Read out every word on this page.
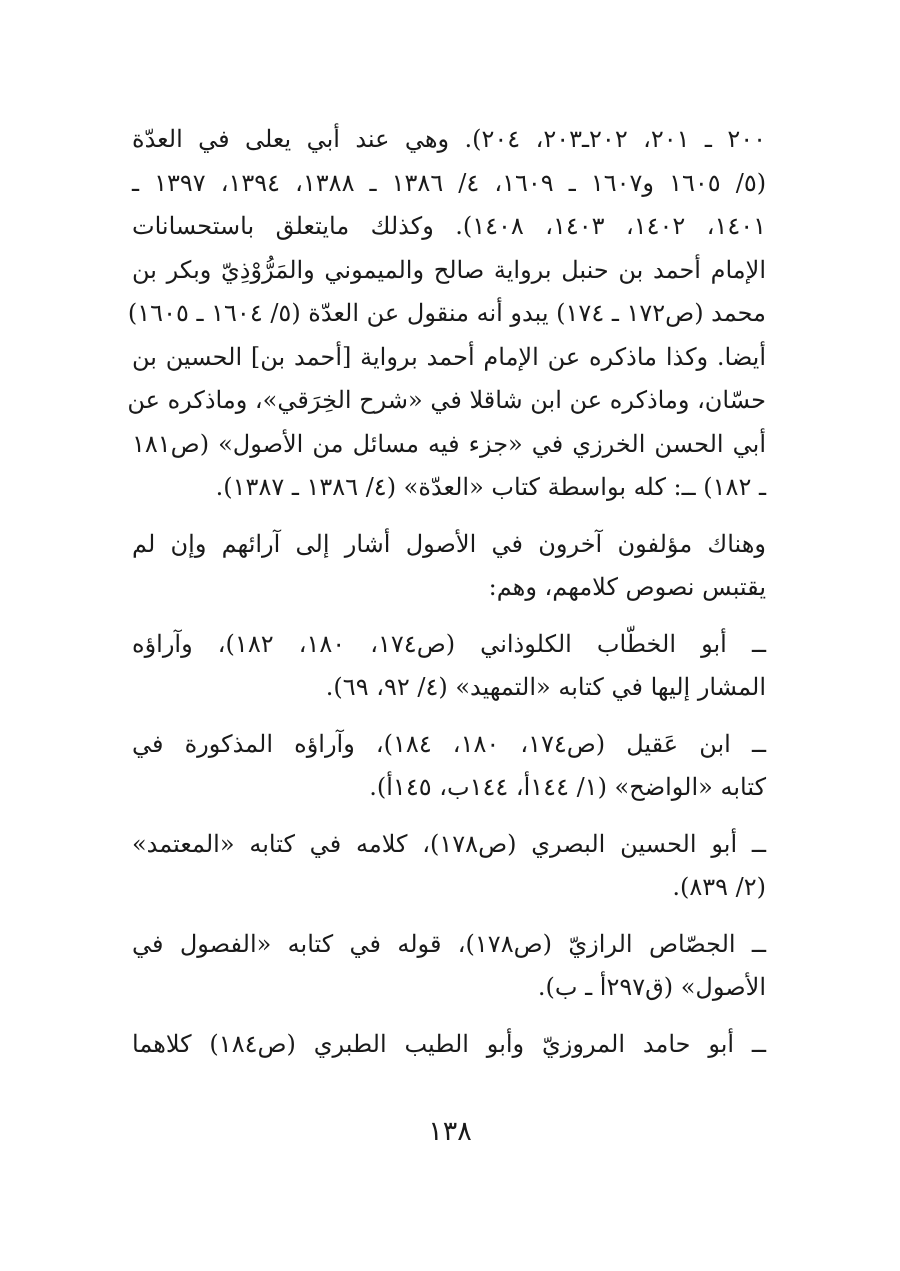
٢٠٠ ـ ٢٠١، ٢٠٢ـ٢٠٣، ٢٠٤). وهي عند أبي يعلى في العدّة
(٥/ ١٦٠٥ و١٦٠٧ ـ ١٦٠٩، ٤/ ١٣٨٦ ـ ١٣٨٨، ١٣٩٤، ١٣٩٧ ـ
١٤٠١، ١٤٠٢، ١٤٠٣، ١٤٠٨). وكذلك مايتعلق باستحسانات
الإمام أحمد بن حنبل برواية صالح والميموني والمَرُّوْذِيّ وبكر بن
محمد (ص١٧٢ ـ ١٧٤) يبدو أنه منقول عن العدّة (٥/ ١٦٠٤ ـ ١٦٠٥)
أيضا. وكذا ماذكره عن الإمام أحمد برواية [أحمد بن] الحسين بن
حسّان، وماذكره عن ابن شاقلا في «شرح الخِرَقي»، وماذكره عن
أبي الحسن الخرزي في «جزء فيه مسائل من الأصول» (ص١٨١
ـ ١٨٢) ــ: كله بواسطة كتاب «العدّة» (٤/ ١٣٨٦ ـ ١٣٨٧).
وهناك مؤلفون آخرون في الأصول أشار إلى آرائهم وإن لم
يقتبس نصوص كلامهم، وهم:
ــ أبو الخطّاب الكلوذاني (ص١٧٤، ١٨٠، ١٨٢)، وآراؤه
المشار إليها في كتابه «التمهيد» (٤/ ٩٢، ٦٩).
ــ ابن عَقيل (ص١٧٤، ١٨٠، ١٨٤)، وآراؤه المذكورة في
كتابه «الواضح» (١/ ١٤٤أ، ١٤٤ب، ١٤٥أ).
ــ أبو الحسين البصري (ص١٧٨)، كلامه في كتابه «المعتمد»
(٢/ ٨٣٩).
ــ الجصّاص الرازيّ (ص١٧٨)، قوله في كتابه «الفصول في
الأصول» (ق٢٩٧أ ـ ب).
ــ أبو حامد المروزيّ وأبو الطيب الطبري (ص١٨٤) كلاهما
١٣٨
